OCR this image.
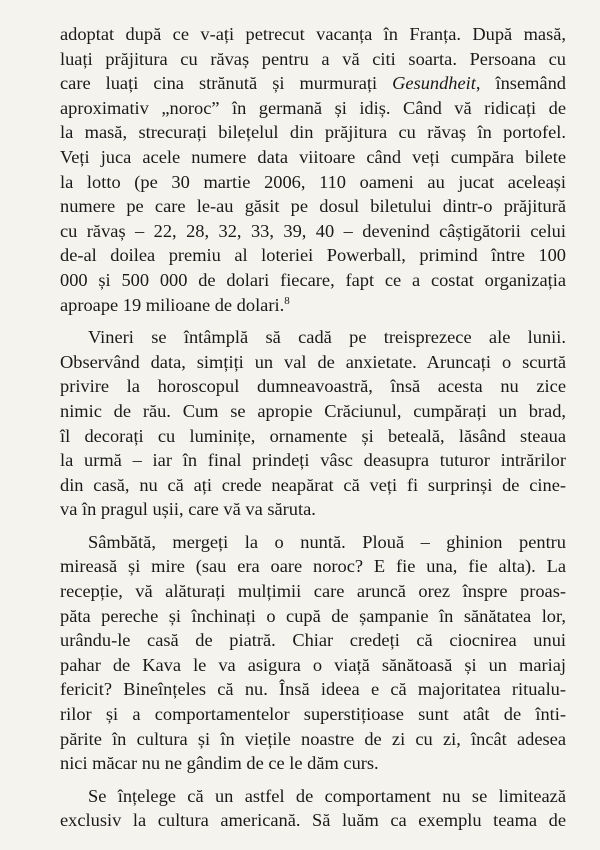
adoptat după ce v-ați petrecut vacanța în Franța. După masă,
luați prăjitura cu răvaș pentru a vă citi soarta. Persoana cu
care luați cina strănută și murmurați Gesundheit, însemând
aproximativ „noroc” în germană și idiș. Când vă ridicați de
la masă, strecurați bilețelul din prăjitura cu răvaș în portofel.
Veți juca acele numere data viitoare când veți cumpăra bilete
la lotto (pe 30 martie 2006, 110 oameni au jucat aceleași
numere pe care le-au găsit pe dosul biletului dintr-o prăjitură
cu răvaș – 22, 28, 32, 33, 39, 40 – devenind câștigătorii celui
de-al doilea premiu al loteriei Powerball, primind între 100
000 și 500 000 de dolari fiecare, fapt ce a costat organizația
aproape 19 milioane de dolari.$^8$
Vineri se întâmplă să cadă pe treisprezece ale lunii.
Observând data, simțiți un val de anxietate. Aruncați o scurtă
privire la horoscopul dumneavoastră, însă acesta nu zice
nimic de rău. Cum se apropie Crăciunul, cumpărați un brad,
îl decorați cu luminițe, ornamente și beteală, lăsând steaua
la urmă – iar în final prindeți vâsc deasupra tuturor intrărilor
din casă, nu că ați crede neapărat că veți fi surprinși de cine-
va în pragul ușii, care vă va săruta.
Sâmbătă, mergeți la o nuntă. Plouă – ghinion pentru
mireasă și mire (sau era oare noroc? E fie una, fie alta). La
recepție, vă alăturați mulțimii care aruncă orez înspre proas-
păta pereche și închinați o cupă de șampanie în sănătatea lor,
urându-le casă de piatră. Chiar credeți că ciocnirea unui
pahar de Kava le va asigura o viață sănătoasă și un mariaj
fericit? Bineînțeles că nu. Însă ideea e că majoritatea ritualu-
rilor și a comportamentelor superstițioase sunt atât de înti-
părite în cultura și în viețile noastre de zi cu zi, încât adesea
nici măcar nu ne gândim de ce le dăm curs.
Se înțelege că un astfel de comportament nu se limitează
exclusiv la cultura americană. Să luăm ca exemplu teama de
